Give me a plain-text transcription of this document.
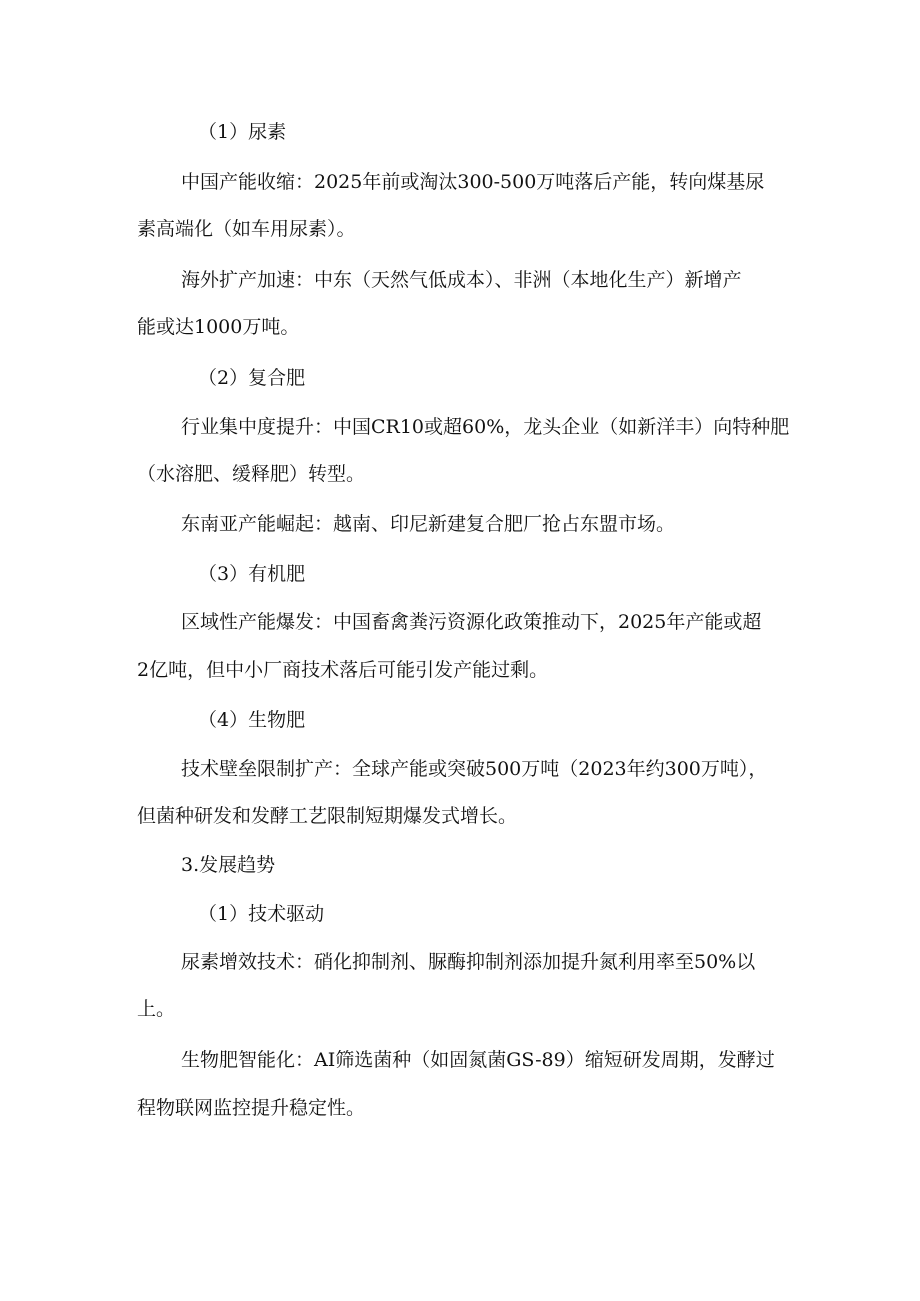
（1）尿素

中国产能收缩：2025年前或淘汰300-500万吨落后产能，转向煤基尿

素高端化（如车用尿素）。

海外扩产加速：中东（天然气低成本）、非洲（本地化生产）新增产

能或达1000万吨。

（2）复合肥

行业集中度提升：中国CR10或超60%，龙头企业（如新洋丰）向特种肥

（水溶肥、缓释肥）转型。

东南亚产能崛起：越南、印尼新建复合肥厂抢占东盟市场。

（3）有机肥

区域性产能爆发：中国畜禽粪污资源化政策推动下，2025年产能或超

2亿吨，但中小厂商技术落后可能引发产能过剩。

（4）生物肥

技术壁垒限制扩产：全球产能或突破500万吨（2023年约300万吨），

但菌种研发和发酵工艺限制短期爆发式增长。

3.发展趋势

（1）技术驱动

尿素增效技术：硝化抑制剂、脲酶抑制剂添加提升氮利用率至50%以

上。

生物肥智能化：AI筛选菌种（如固氮菌GS-89）缩短研发周期，发酵过

程物联网监控提升稳定性。
